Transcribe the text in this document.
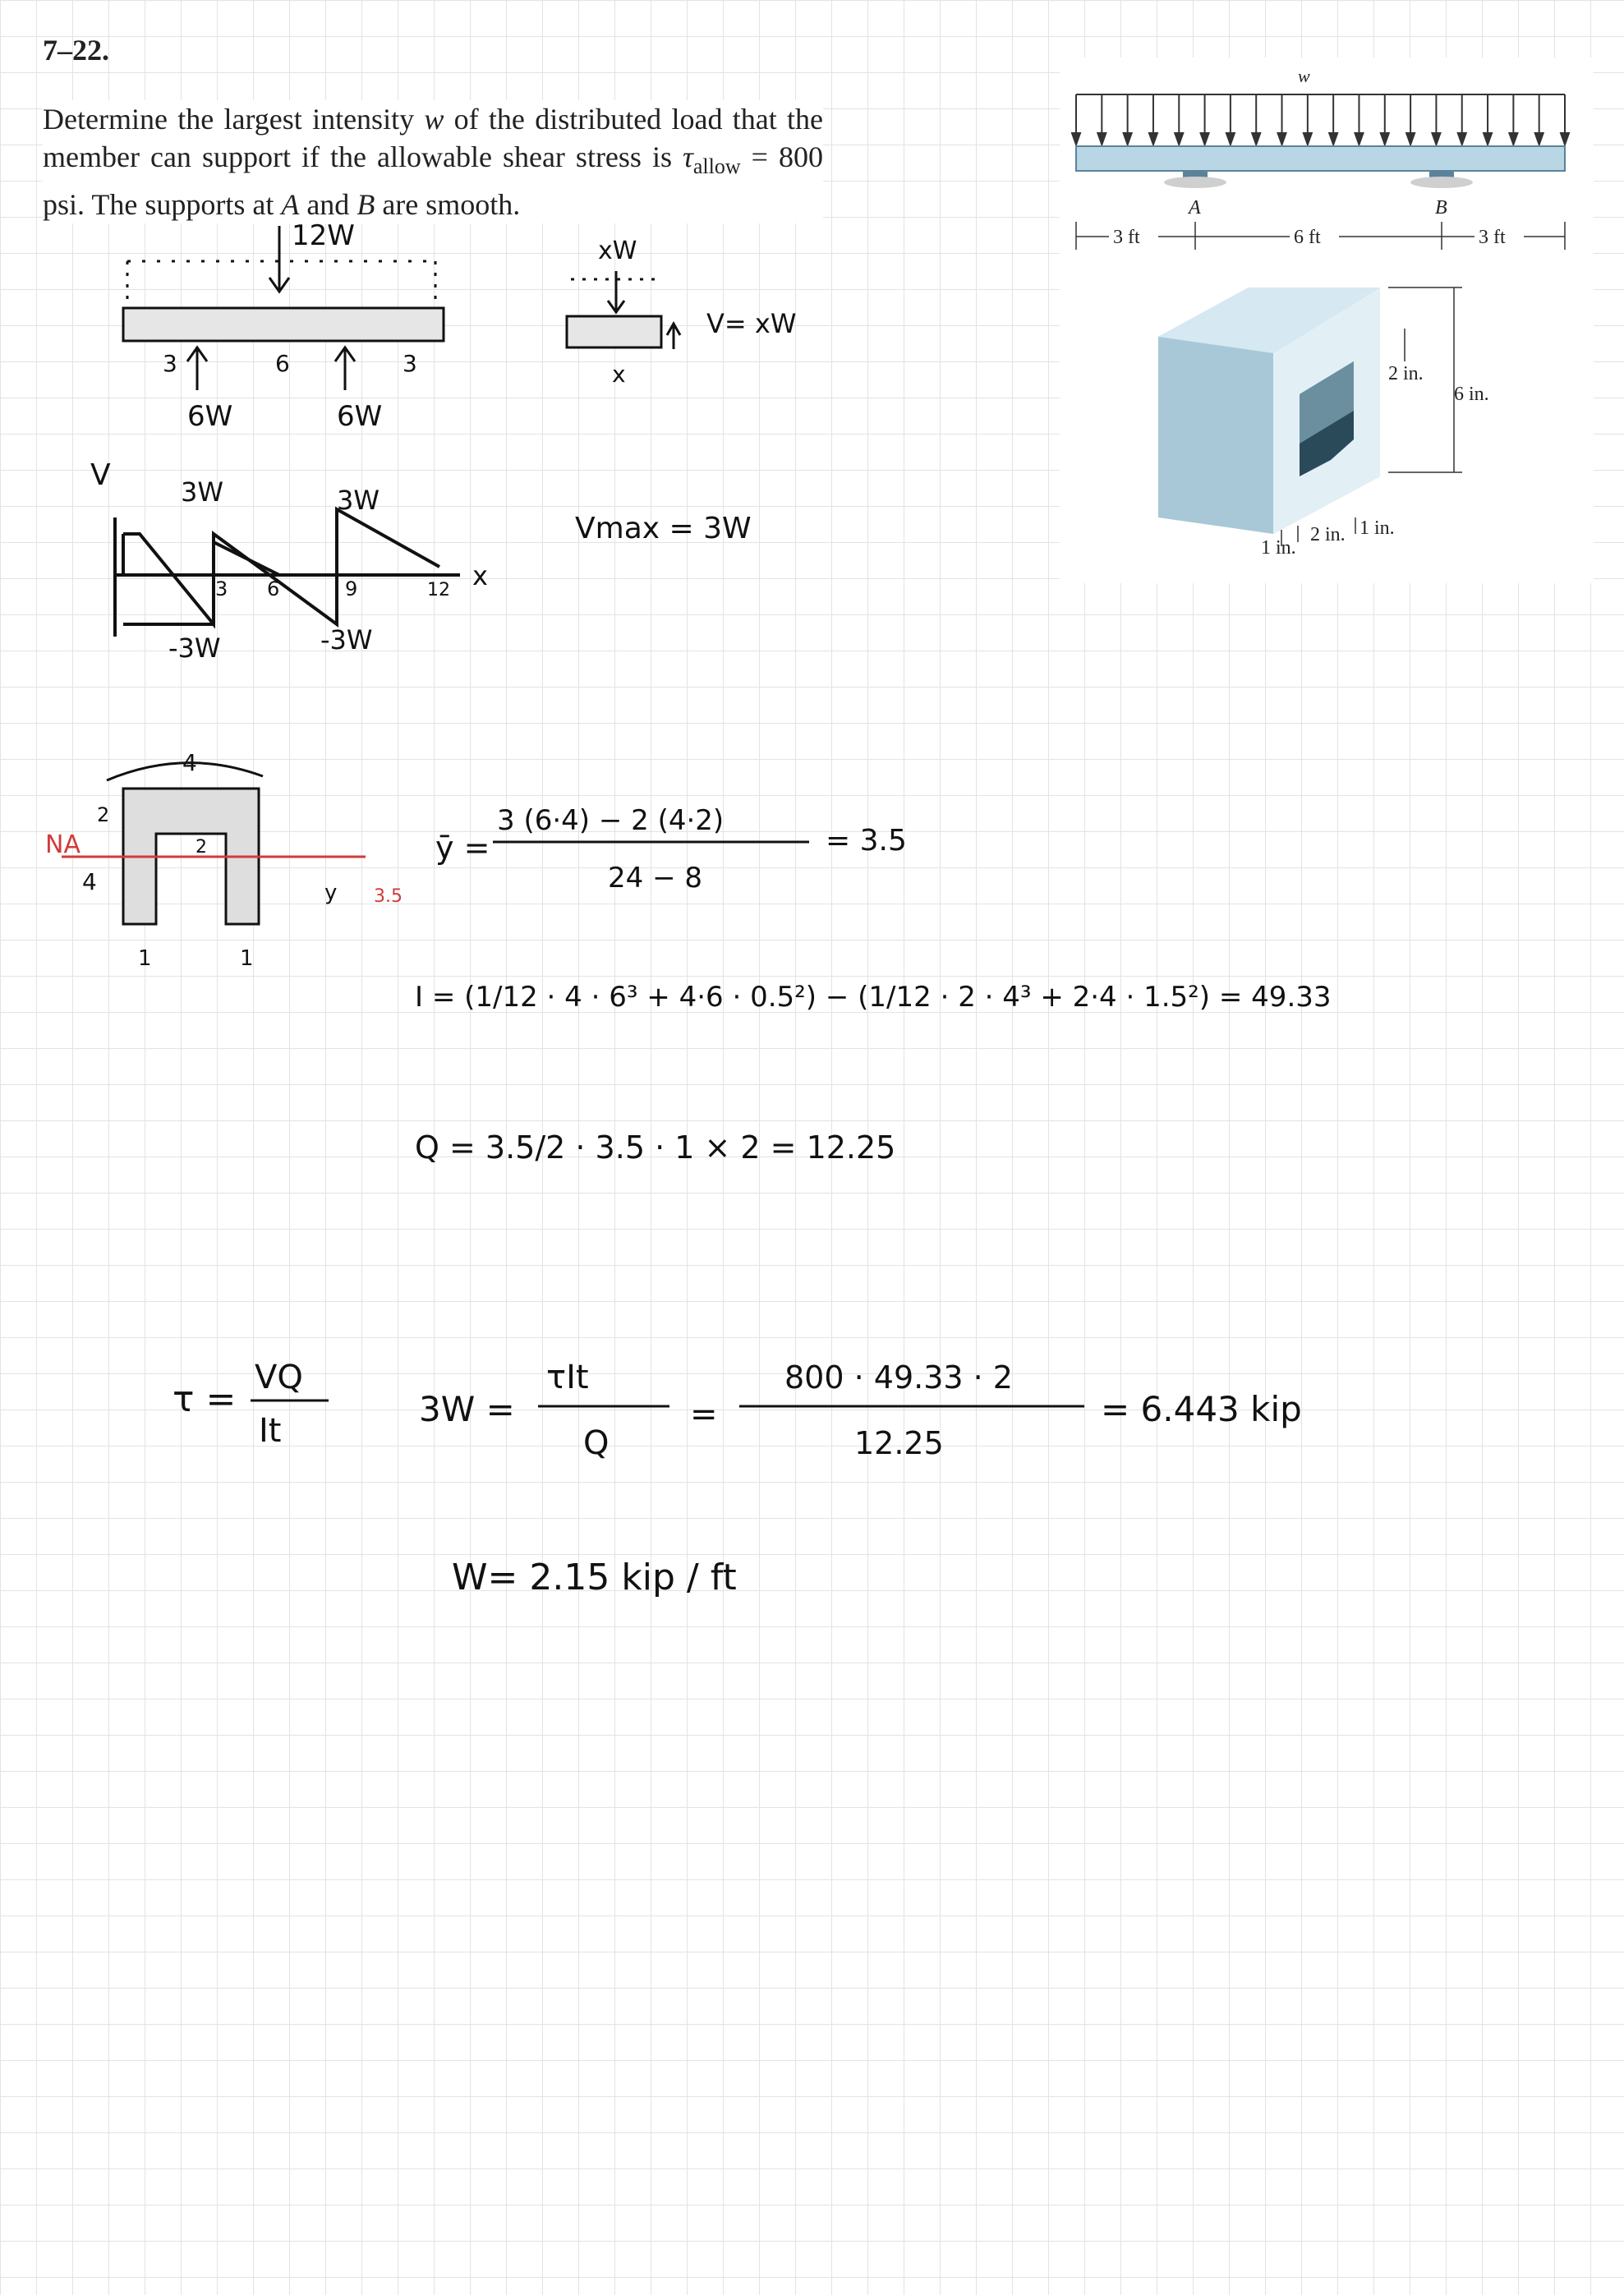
7–22.
Determine the largest intensity w of the distributed load that the member can support if the allowable shear stress is $\tau_{allow} = 800$ psi. The supports at A and B are smooth.
w
A	B
3 ft	6 ft	3 ft
2 in.
6 in.
1 in.
2 in. 1 in.
12W
3	6	3
6W	6W
V	3W	3W
-3W	-3W
3 6	9	12 x
xW
x
V= xW
Vmax = 3W
NA
4
2
4
2
1	1
y 3.5
ȳ =
3 (6·4) − 2 (4·2)
24 − 8
= 3.5
I = (1/12 · 4 · 6³ + 4·6 · 0.5²) − (1/12 · 2 · 4³ + 2·4 · 1.5²) = 49.33
Q = 3.5/2 · 3.5 · 1 × 2 = 12.25
τ =
VQ
It
3W =
τIt
Q
=
800 · 49.33 · 2
12.25
= 6.443 kip
W= 2.15 kip / ft
